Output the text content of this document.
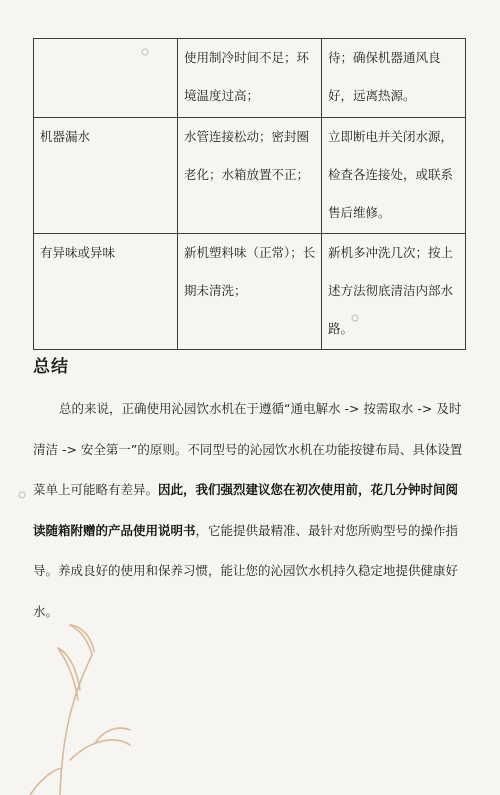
	使用制冷时间不足；环境温度过高；	待；确保机器通风良好，远离热源。
机器漏水	水管连接松动；密封圈老化；水箱放置不正；	立即断电并关闭水源，检查各连接处，或联系售后维修。
有异味或异味	新机塑料味（正常）；长期未清洗；	新机多冲洗几次；按上述方法彻底清洁内部水路。
总结

总的来说，正确使用沁园饮水机在于遵循“通电解水 -> 按需取水 -> 及时清洁 -> 安全第一”的原则。不同型号的沁园饮水机在功能按键布局、具体设置菜单上可能略有差异。因此，我们强烈建议您在初次使用前，花几分钟时间阅读随箱附赠的产品使用说明书，它能提供最精准、最针对您所购型号的操作指导。养成良好的使用和保养习惯，能让您的沁园饮水机持久稳定地提供健康好水。
